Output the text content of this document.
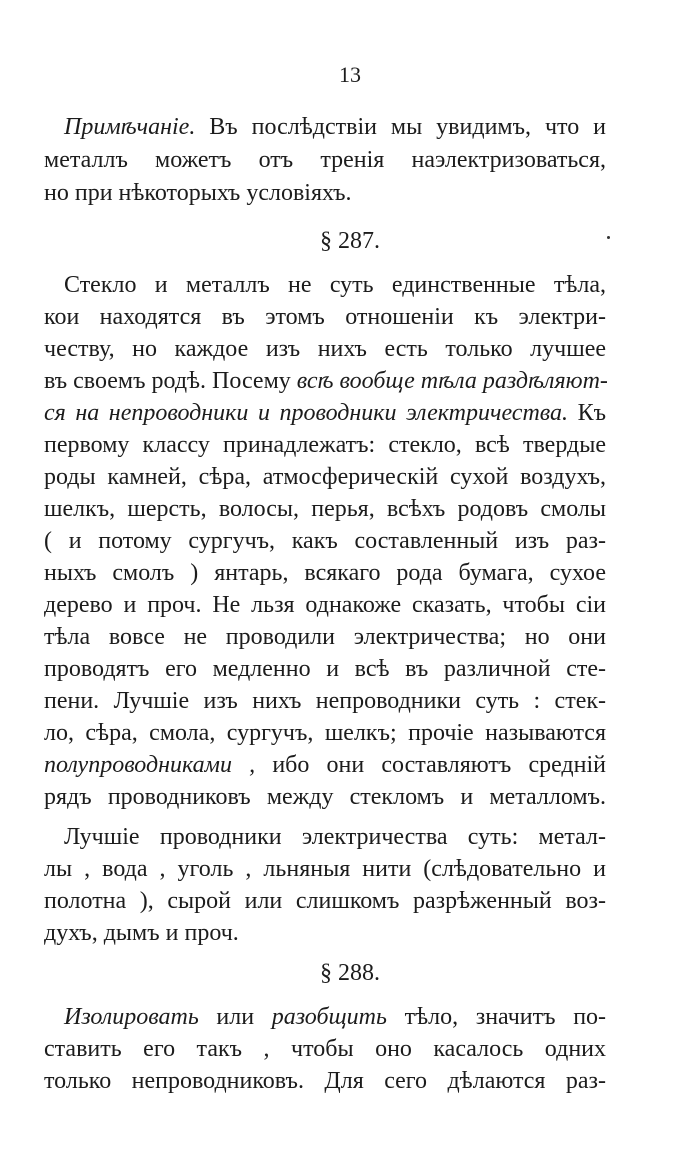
13
Примѣчаніе. Въ послѣдствіи мы увидимъ, что и
металлъ можетъ отъ тренія наэлектризоваться,
но при нѣкоторыхъ условіяхъ.
§ 287.
Стекло и металлъ не суть единственные тѣла,
кои находятся въ этомъ отношеніи къ электри-
честву, но каждое изъ нихъ есть только лучшее
въ своемъ родѣ. Посему всѣ вообще тѣла раздѣляют-
ся на непроводники и проводники электричества. Къ
первому классу принадлежатъ: стекло, всѣ твердые
роды камней, сѣра, атмосферическій сухой воздухъ,
шелкъ, шерсть, волосы, перья, всѣхъ родовъ смолы
( и потому сургучъ, какъ составленный изъ раз-
ныхъ смолъ ) янтарь, всякаго рода бумага, сухое
дерево и проч. Не льзя однакоже сказать, чтобы сіи
тѣла вовсе не проводили электричества; но они
проводятъ его медленно и всѣ въ различной сте-
пени. Лучшіе изъ нихъ непроводники суть : стек-
ло, сѣра, смола, сургучъ, шелкъ; прочіе называются
полупроводниками , ибо они составляютъ средній
рядъ проводниковъ между стекломъ и металломъ.
Лучшіе проводники электричества суть: метал-
лы , вода , уголь , льняныя нити (слѣдовательно и
полотна ), сырой или слишкомъ разрѣженный воз-
духъ, дымъ и проч.
§ 288.
Изолировать или разобщить тѣло, значитъ по-
ставить его такъ , чтобы оно касалось одних
только непроводниковъ. Для сего дѣлаются раз-
